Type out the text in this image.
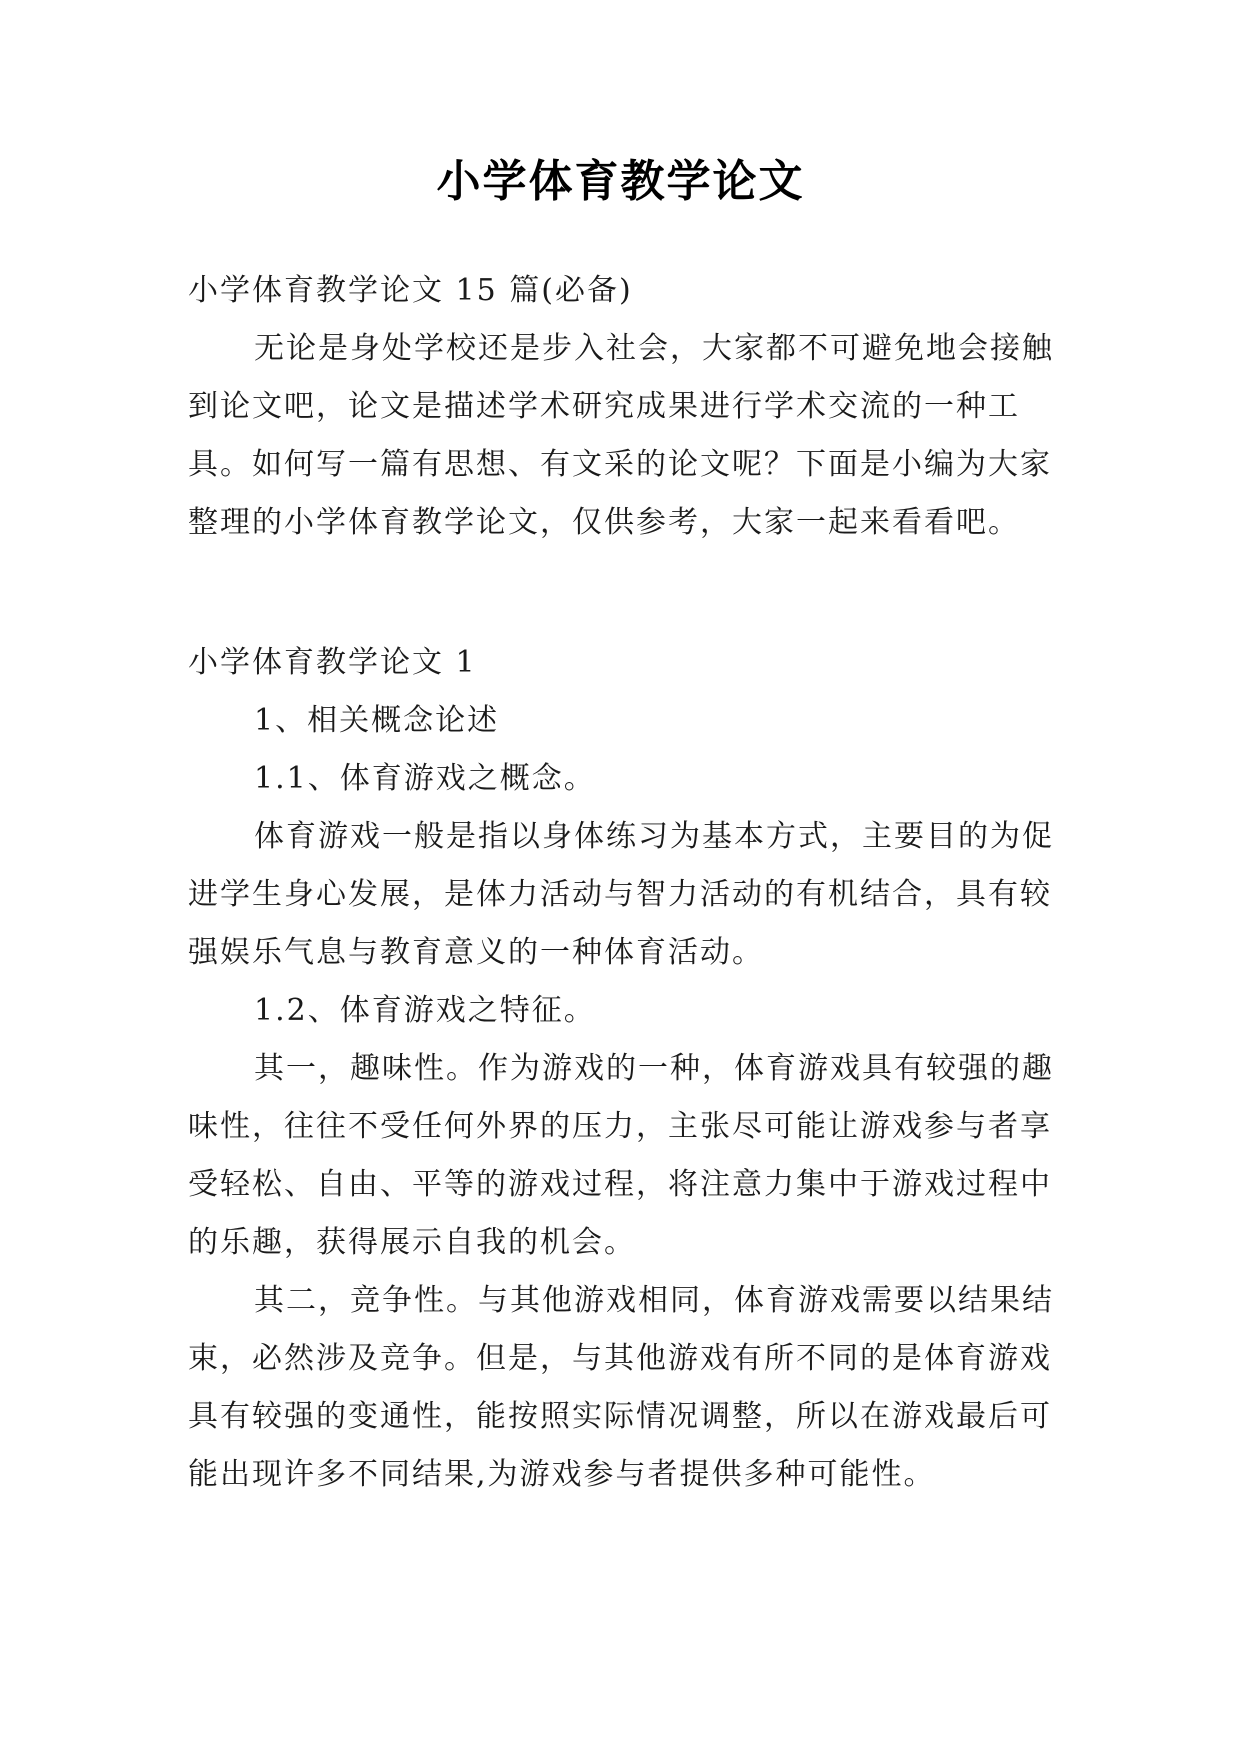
小学体育教学论文

小学体育教学论文 15 篇(必备)

无论是身处学校还是步入社会，大家都不可避免地会接触到论文吧，论文是描述学术研究成果进行学术交流的一种工具。如何写一篇有思想、有文采的论文呢？下面是小编为大家整理的小学体育教学论文，仅供参考，大家一起来看看吧。

小学体育教学论文 1

1、相关概念论述

1.1、体育游戏之概念。

体育游戏一般是指以身体练习为基本方式，主要目的为促进学生身心发展，是体力活动与智力活动的有机结合，具有较强娱乐气息与教育意义的一种体育活动。

1.2、体育游戏之特征。

其一，趣味性。作为游戏的一种，体育游戏具有较强的趣味性，往往不受任何外界的压力，主张尽可能让游戏参与者享受轻松、自由、平等的游戏过程，将注意力集中于游戏过程中的乐趣，获得展示自我的机会。

其二，竞争性。与其他游戏相同，体育游戏需要以结果结束，必然涉及竞争。但是，与其他游戏有所不同的是体育游戏具有较强的变通性，能按照实际情况调整，所以在游戏最后可能出现许多不同结果,为游戏参与者提供多种可能性。
